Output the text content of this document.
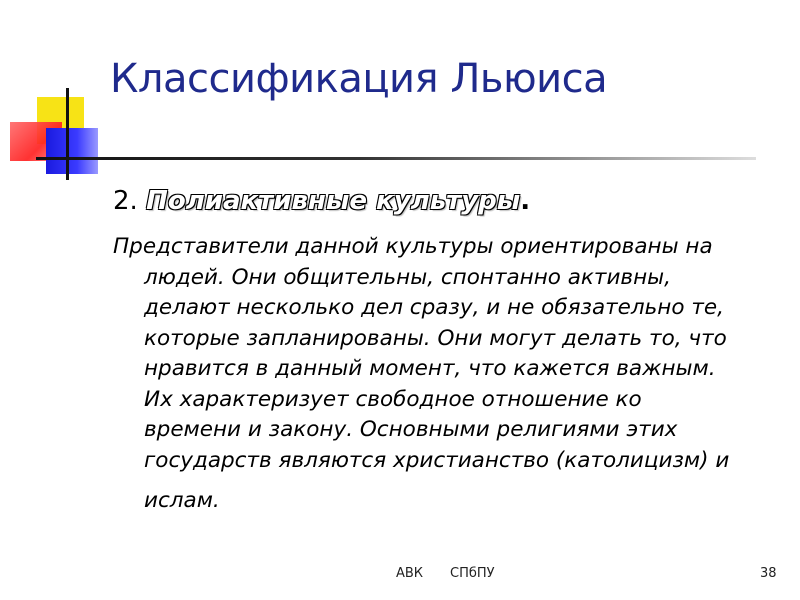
Классификация Льюиса

2. Полиактивные культуры.

Представители данной культуры ориентированы на
людей. Они общительны, спонтанно активны,
делают несколько дел сразу, и не обязательно те,
которые запланированы. Они могут делать то, что
нравится в данный момент, что кажется важным.
Их характеризует свободное отношение ко
времени и закону. Основными религиями этих
государств являются христианство (католицизм) и
ислам.

АВК СПбПУ	38
